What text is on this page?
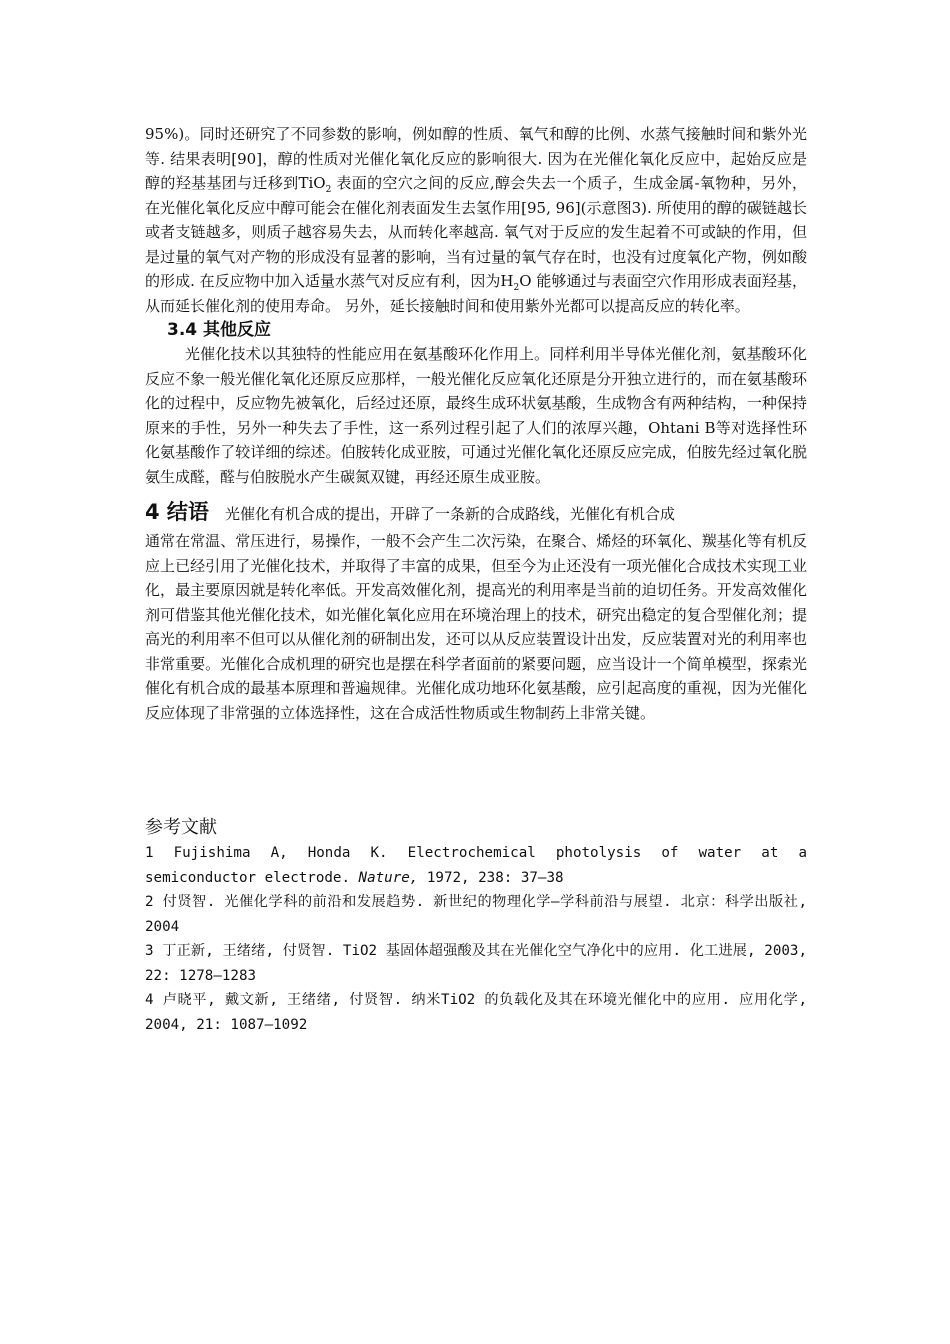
95%)。同时还研究了不同参数的影响，例如醇的性质、氧气和醇的比例、水蒸气接触时间和紫外光等. 结果表明[90]，醇的性质对光催化氧化反应的影响很大. 因为在光催化氧化反应中，起始反应是醇的羟基基团与迁移到TiO$_2$ 表面的空穴之间的反应,醇会失去一个质子，生成金属-氧物种，另外，在光催化氧化反应中醇可能会在催化剂表面发生去氢作用[95, 96](示意图3). 所使用的醇的碳链越长或者支链越多，则质子越容易失去，从而转化率越高. 氧气对于反应的发生起着不可或缺的作用，但是过量的氧气对产物的形成没有显著的影响，当有过量的氧气存在时，也没有过度氧化产物，例如酸的形成. 在反应物中加入适量水蒸气对反应有利，因为$H_2O$ 能够通过与表面空穴作用形成表面羟基，从而延长催化剂的使用寿命。 另外，延长接触时间和使用紫外光都可以提高反应的转化率。

3.4 其他反应

光催化技术以其独特的性能应用在氨基酸环化作用上。同样利用半导体光催化剂，氨基酸环化反应不象一般光催化氧化还原反应那样，一般光催化反应氧化还原是分开独立进行的，而在氨基酸环化的过程中，反应物先被氧化，后经过还原，最终生成环状氨基酸，生成物含有两种结构，一种保持原来的手性，另外一种失去了手性，这一系列过程引起了人们的浓厚兴趣，Ohtani B等对选择性环化氨基酸作了较详细的综述。伯胺转化成亚胺，可通过光催化氧化还原反应完成，伯胺先经过氧化脱氨生成醛，醛与伯胺脱水产生碳氮双键，再经还原生成亚胺。

4 结语 光催化有机合成的提出，开辟了一条新的合成路线，光催化有机合成

通常在常温、常压进行，易操作，一般不会产生二次污染，在聚合、烯烃的环氧化、羰基化等有机反应上已经引用了光催化技术，并取得了丰富的成果，但至今为止还没有一项光催化合成技术实现工业化，最主要原因就是转化率低。开发高效催化剂，提高光的利用率是当前的迫切任务。开发高效催化剂可借鉴其他光催化技术，如光催化氧化应用在环境治理上的技术，研究出稳定的复合型催化剂；提高光的利用率不但可以从催化剂的研制出发，还可以从反应装置设计出发，反应装置对光的利用率也非常重要。光催化合成机理的研究也是摆在科学者面前的紧要问题，应当设计一个简单模型，探索光催化有机合成的最基本原理和普遍规律。光催化成功地环化氨基酸，应引起高度的重视，因为光催化反应体现了非常强的立体选择性，这在合成活性物质或生物制药上非常关键。

参考文献

1 Fujishima A, Honda K. Electrochemical photolysis of water at a semiconductor electrode. Nature, 1972, 238: 37–38

2 付贤智. 光催化学科的前沿和发展趋势. 新世纪的物理化学–学科前沿与展望. 北京：科学出版社, 2004

3 丁正新, 王绪绪, 付贤智. TiO2 基固体超强酸及其在光催化空气净化中的应用. 化工进展, 2003, 22: 1278–1283

4 卢晓平, 戴文新, 王绪绪, 付贤智. 纳米TiO2 的负载化及其在环境光催化中的应用. 应用化学, 2004, 21: 1087–1092
